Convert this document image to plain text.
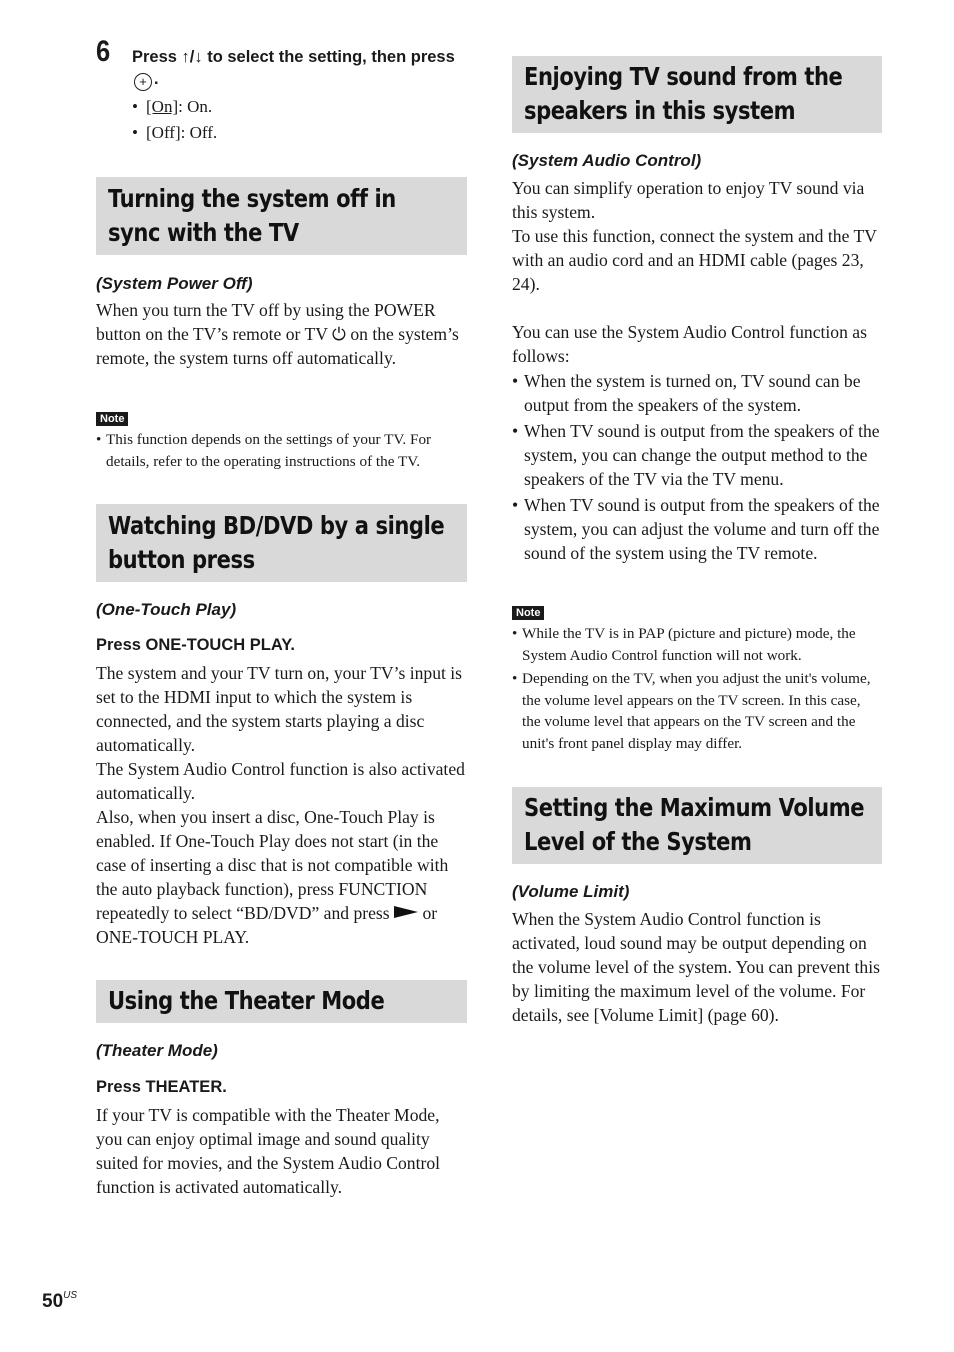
6 Press ↑/↓ to select the setting, then press + .
• [On]: On.
• [Off]: Off.
Turning the system off in sync with the TV
(System Power Off)
When you turn the TV off by using the POWER button on the TV’s remote or TV ⏻ on the system’s remote, the system turns off automatically.
Note
• This function depends on the settings of your TV. For details, refer to the operating instructions of the TV.
Watching BD/DVD by a single button press
(One-Touch Play)
Press ONE-TOUCH PLAY.
The system and your TV turn on, your TV’s input is set to the HDMI input to which the system is connected, and the system starts playing a disc automatically.
The System Audio Control function is also activated automatically.
Also, when you insert a disc, One-Touch Play is enabled. If One-Touch Play does not start (in the case of inserting a disc that is not compatible with the auto playback function), press FUNCTION repeatedly to select “BD/DVD” and press or ONE-TOUCH PLAY.
Using the Theater Mode
(Theater Mode)
Press THEATER.
If your TV is compatible with the Theater Mode, you can enjoy optimal image and sound quality suited for movies, and the System Audio Control function is activated automatically.
Enjoying TV sound from the speakers in this system
(System Audio Control)
You can simplify operation to enjoy TV sound via this system.
To use this function, connect the system and the TV with an audio cord and an HDMI cable (pages 23, 24).
You can use the System Audio Control function as follows:
• When the system is turned on, TV sound can be output from the speakers of the system.
• When TV sound is output from the speakers of the system, you can change the output method to the speakers of the TV via the TV menu.
• When TV sound is output from the speakers of the system, you can adjust the volume and turn off the sound of the system using the TV remote.
Note
• While the TV is in PAP (picture and picture) mode, the System Audio Control function will not work.
• Depending on the TV, when you adjust the unit's volume, the volume level appears on the TV screen. In this case, the volume level that appears on the TV screen and the unit's front panel display may differ.
Setting the Maximum Volume Level of the System
(Volume Limit)
When the System Audio Control function is activated, loud sound may be output depending on the volume level of the system. You can prevent this by limiting the maximum level of the volume. For details, see [Volume Limit] (page 60).
$50^{US}$
